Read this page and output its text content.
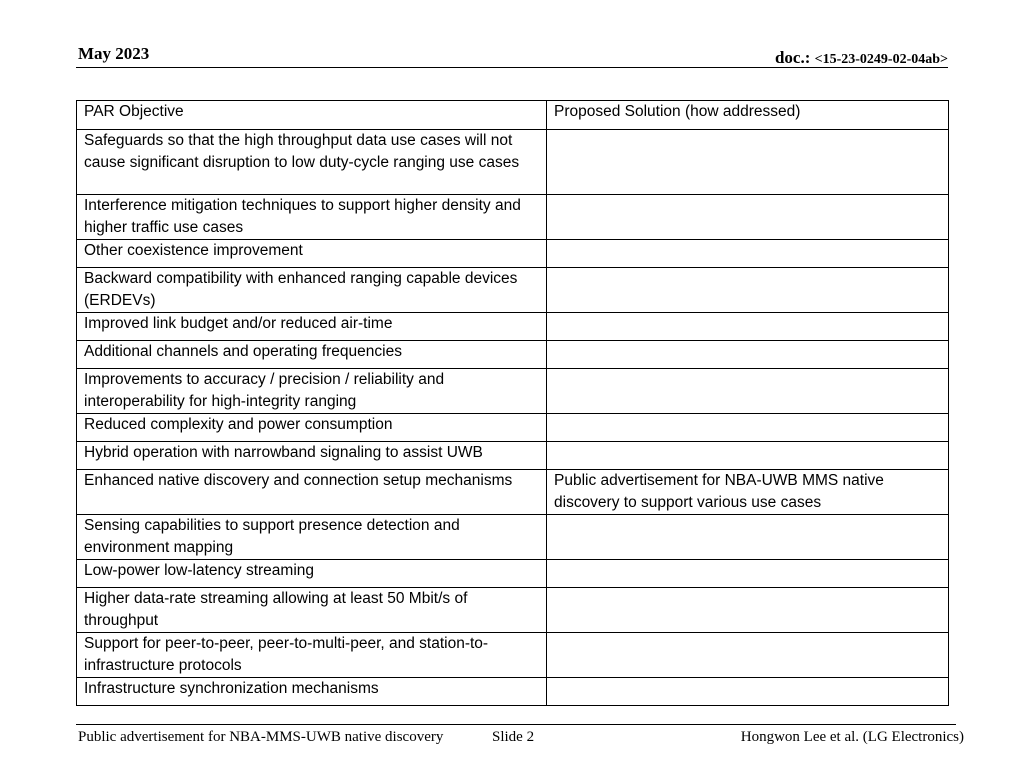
May 2023	doc.: <15-23-0249-02-04ab>
PAR Objective	Proposed Solution (how addressed)
Safeguards so that the high throughput data use cases will not cause significant disruption to low duty-cycle ranging use cases	
Interference mitigation techniques to support higher density and higher traffic use cases	
Other coexistence improvement	
Backward compatibility with enhanced ranging capable devices (ERDEVs)	
Improved link budget and/or reduced air-time	
Additional channels and operating frequencies	
Improvements to accuracy / precision / reliability and interoperability for high-integrity ranging	
Reduced complexity and power consumption	
Hybrid operation with narrowband signaling to assist UWB	
Enhanced native discovery and connection setup mechanisms	Public advertisement for NBA-UWB MMS native discovery to support various use cases
Sensing capabilities to support presence detection and environment mapping	
Low-power low-latency streaming	
Higher data-rate streaming allowing at least 50 Mbit/s of throughput	
Support for peer-to-peer, peer-to-multi-peer, and station-to-infrastructure protocols	
Infrastructure synchronization mechanisms	
Public advertisement for NBA-MMS-UWB native discovery	Slide 2	Hongwon Lee et al. (LG Electronics)
